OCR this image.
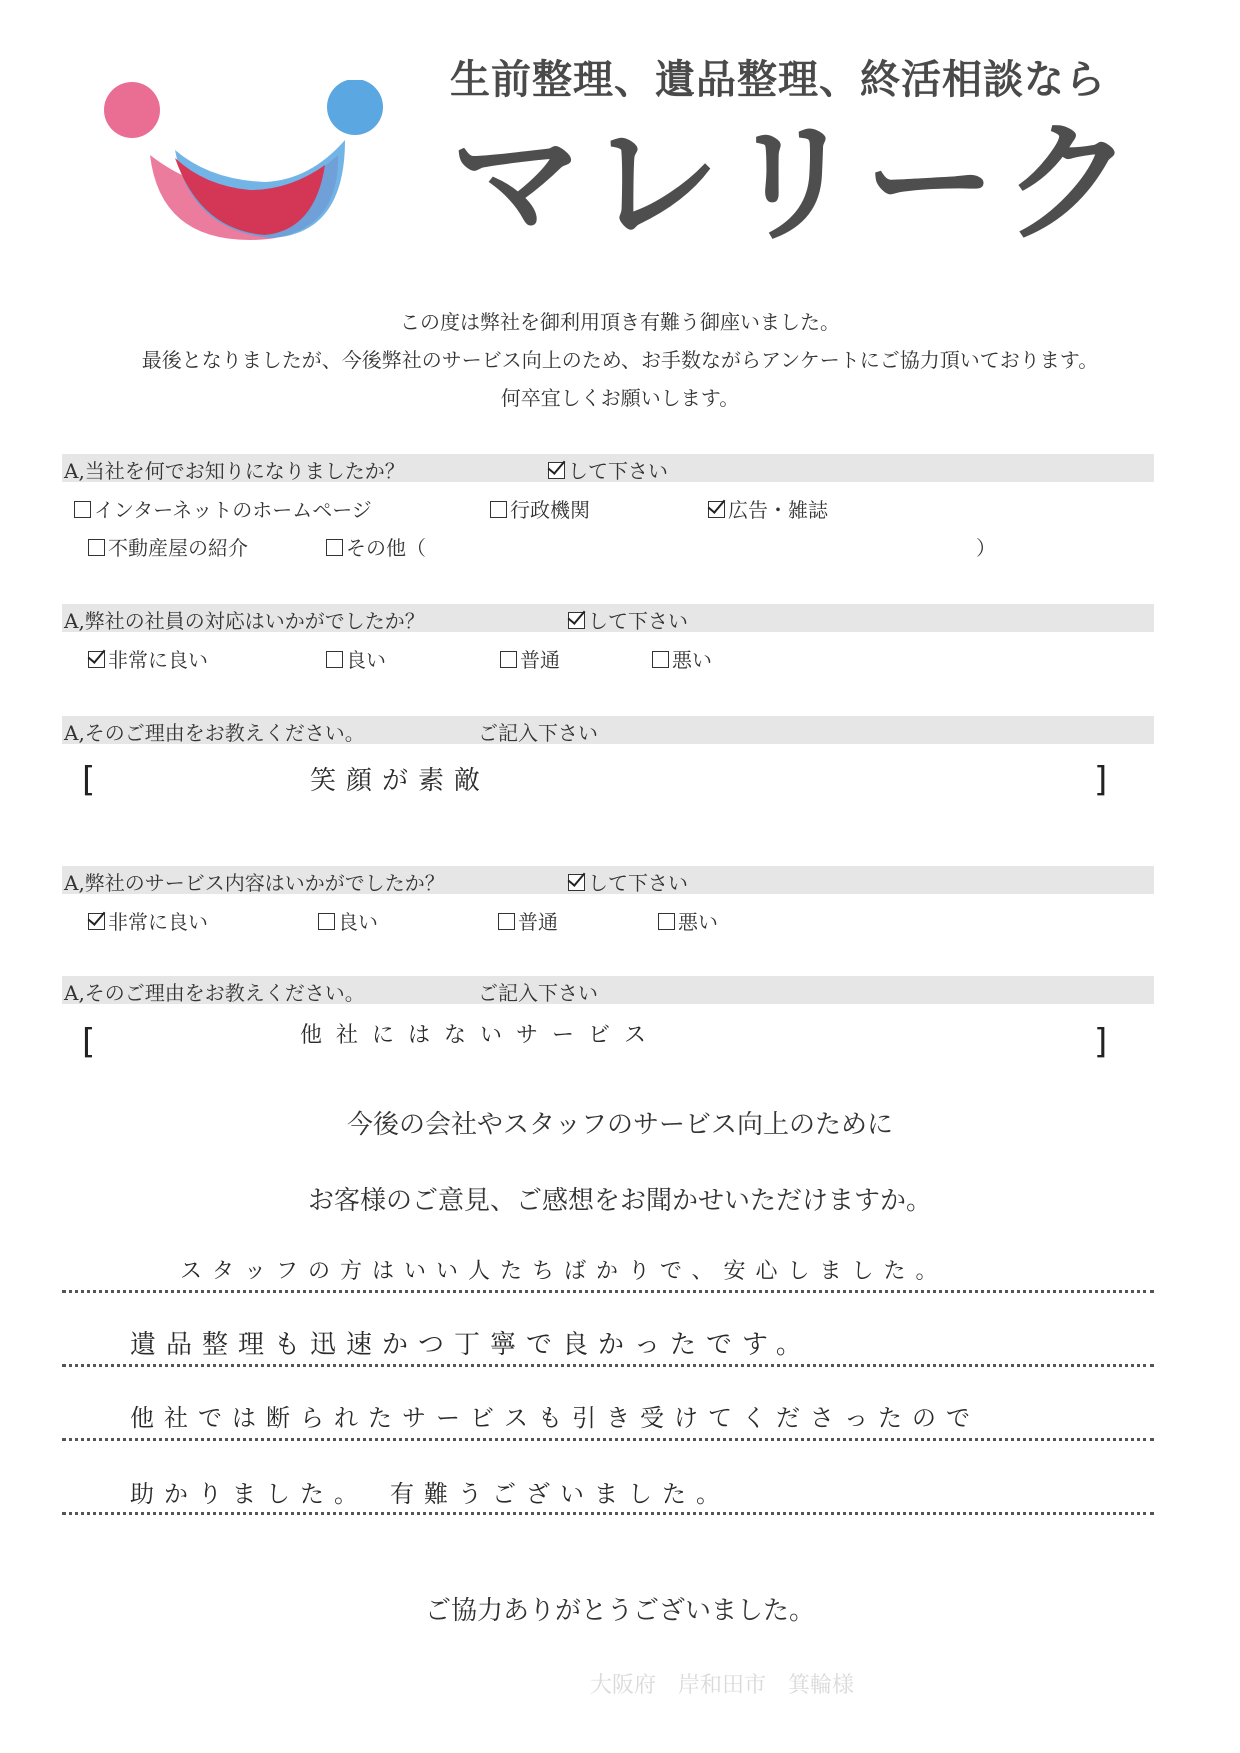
生前整理、遺品整理、終活相談なら
マレリーク
この度は弊社を御利用頂き有難う御座いました。
最後となりましたが、今後弊社のサービス向上のため、お手数ながらアンケートにご協力頂いております。
何卒宜しくお願いします。
A,当社を何でお知りになりましたか？	して下さい
インターネットのホームページ	行政機関	広告・雑誌
不動産屋の紹介	その他（	）
A,弊社の社員の対応はいかがでしたか？	して下さい
非常に良い	良い	普通	悪い
A,そのご理由をお教えください。	ご記入下さい
[	笑顔が素敵	]
A,弊社のサービス内容はいかがでしたか？	して下さい
非常に良い	良い	普通	悪い
A,そのご理由をお教えください。	ご記入下さい
[	他社にはないサービス	]
今後の会社やスタッフのサービス向上のために
お客様のご意見、ご感想をお聞かせいただけますか。
スタッフの方はいい人たちばかりで、安心しました。
遺品整理も迅速かつ丁寧で良かったです。
他社では断られたサービスも引き受けてくださったので
助かりました。　有難うございました。
ご協力ありがとうございました。
大阪府　岸和田市　箕輪様
